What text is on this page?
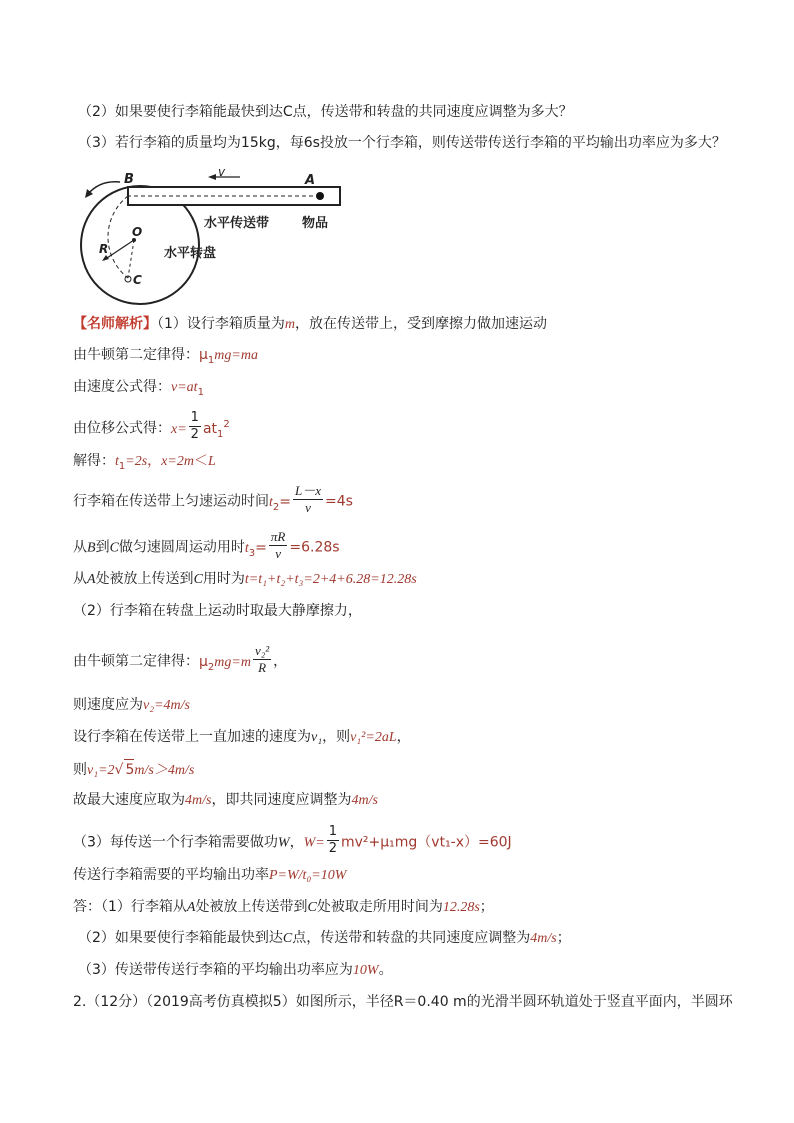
（2）如果要使行李箱能最快到达C点，传送带和转盘的共同速度应调整为多大？
（3）若行李箱的质量均为15kg，每6s投放一个行李箱，则传送带传送行李箱的平均输出功率应为多大？
B	A
v
O
R
C
水平传送带	物品
水平转盘
【名师解析】（1）设行李箱质量为m，放在传送带上，受到摩擦力做加速运动
由牛顿第二定律得：$\mu_1mg=ma$
由速度公式得：$v=at_1$
由位移公式得：$x= \frac{1}{2} at_1^2$
解得：$t_1=2s$，x=2m＜L
行李箱在传送带上匀速运动时间$t_2= \frac{L-x}{v} =4s$
从B到C做匀速圆周运动用时$t_3= \frac{\pi R}{v} =6.28s$
从A处被放上传送到C用时为t=t₁+t₂+t₃=2+4+6.28=12.28s
（2）行李箱在转盘上运动时取最大静摩擦力，
由牛顿第二定律得：$\mu_2mg=m \frac{\text{v₂²}}{R}$ ，
则速度应为v₂=4m/s
设行李箱在传送带上一直加速的速度为v₁，则v₁²=2aL，
则v₁=2√ 5m/s＞4m/s
故最大速度应取为4m/s，即共同速度应调整为4m/s
（3）每传送一个行李箱需要做功W，$W= \frac{1}{2} mv^2+\mu_1mg(vt_1-x)=60J$
传送行李箱需要的平均输出功率P=W/t₀=10W
答：（1）行李箱从A处被放上传送带到C处被取走所用时间为12.28s；
（2）如果要使行李箱能最快到达C点，传送带和转盘的共同速度应调整为4m/s；
（3）传送带传送行李箱的平均输出功率应为10W。
2.（12分）（2019高考仿真模拟5）如图所示，半径R＝0.40 m的光滑半圆环轨道处于竖直平面内，半圆环
